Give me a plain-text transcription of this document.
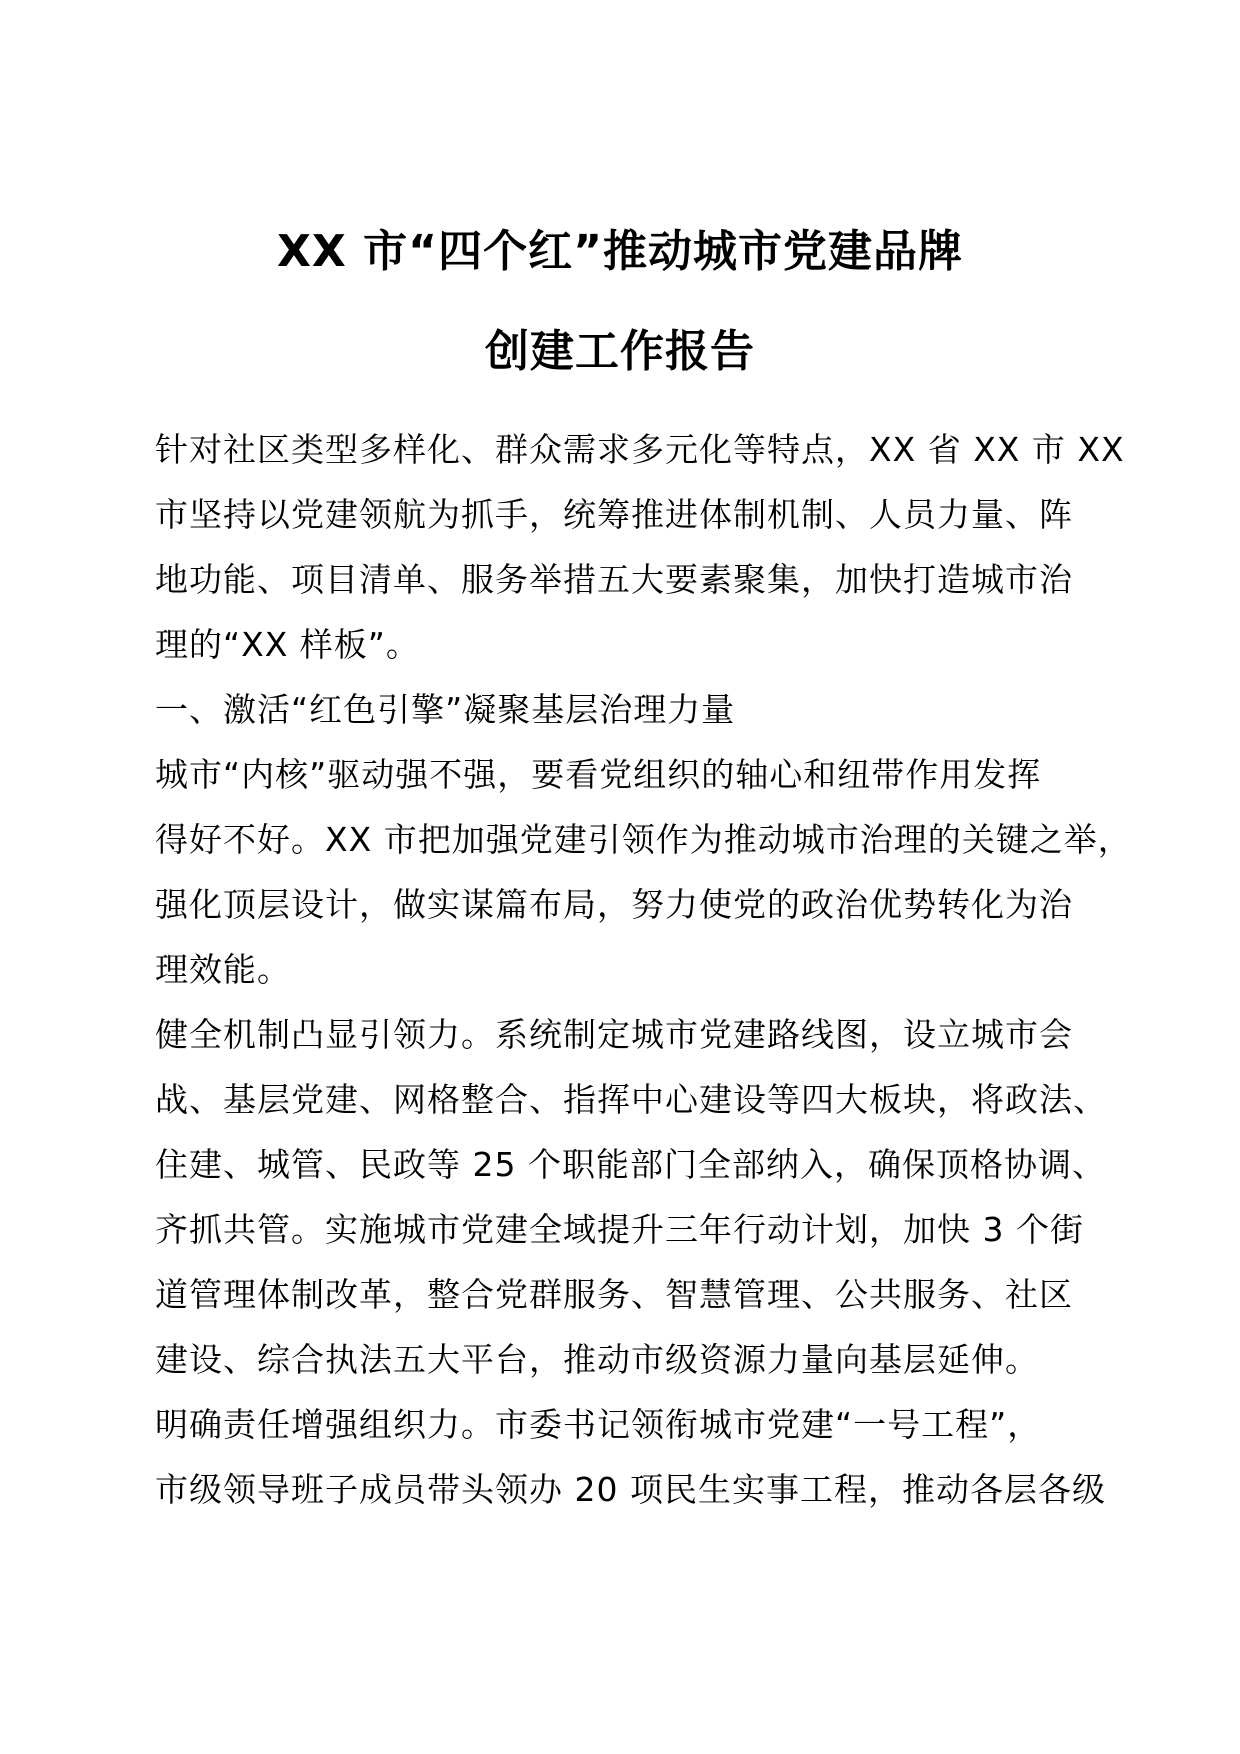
XX 市“四个红”推动城市党建品牌
创建工作报告
针对社区类型多样化、群众需求多元化等特点，XX 省 XX 市 XX
市坚持以党建领航为抓手，统筹推进体制机制、人员力量、阵
地功能、项目清单、服务举措五大要素聚集，加快打造城市治
理的“XX 样板”。
一、激活“红色引擎”凝聚基层治理力量
城市“内核”驱动强不强，要看党组织的轴心和纽带作用发挥
得好不好。XX 市把加强党建引领作为推动城市治理的关键之举，
强化顶层设计，做实谋篇布局，努力使党的政治优势转化为治
理效能。
健全机制凸显引领力。系统制定城市党建路线图，设立城市会
战、基层党建、网格整合、指挥中心建设等四大板块，将政法、
住建、城管、民政等 25 个职能部门全部纳入，确保顶格协调、
齐抓共管。实施城市党建全域提升三年行动计划，加快 3 个街
道管理体制改革，整合党群服务、智慧管理、公共服务、社区
建设、综合执法五大平台，推动市级资源力量向基层延伸。
明确责任增强组织力。市委书记领衔城市党建“一号工程”，
市级领导班子成员带头领办 20 项民生实事工程，推动各层各级
